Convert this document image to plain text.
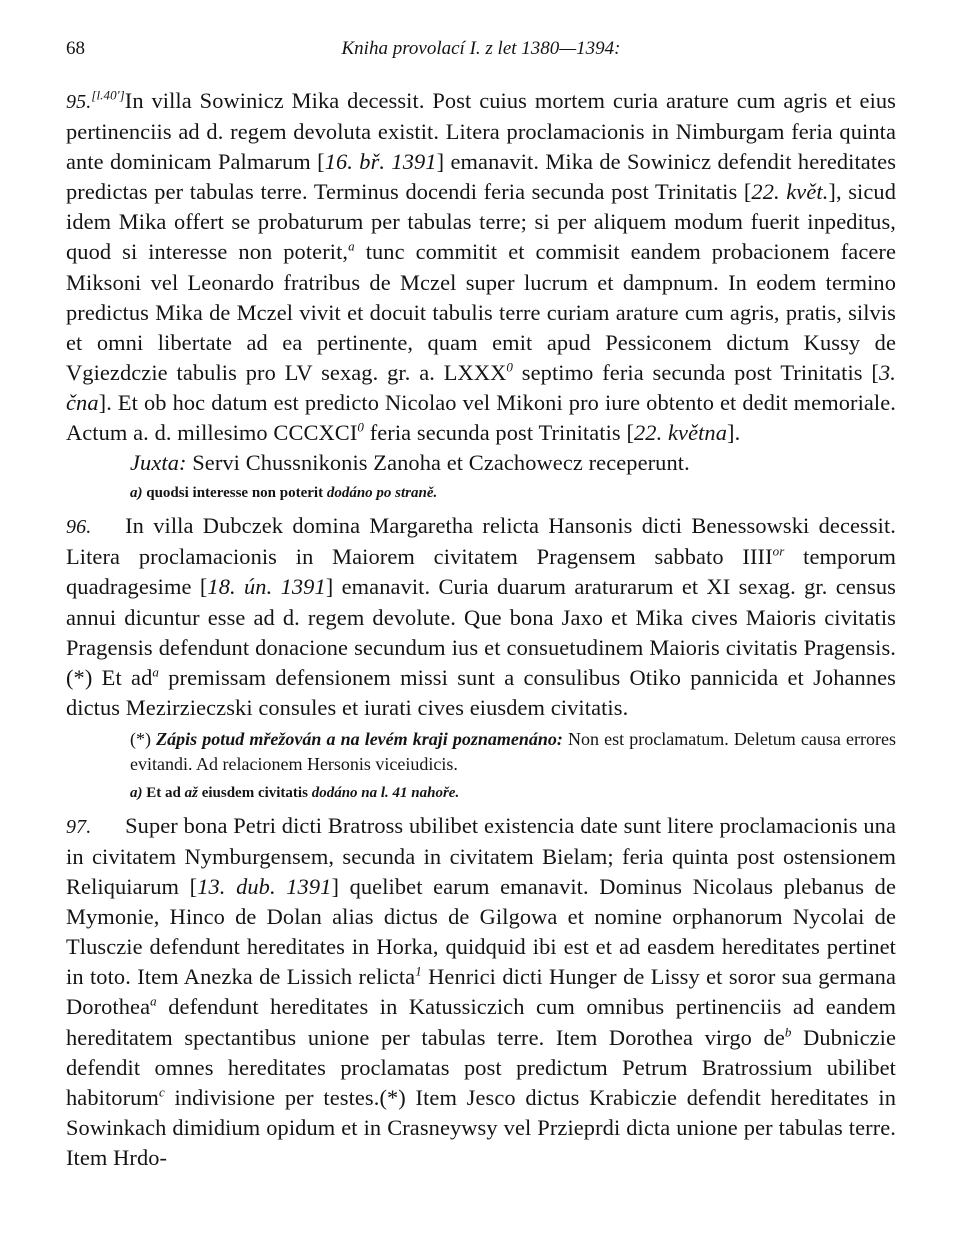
68	Kniha provolací I. z let 1380—1394:

95.[l.40']In villa Sowinicz Mika decessit. Post cuius mortem curia arature cum agris et eius pertinenciis ad d. regem devoluta existit. Litera proclamacionis in Nimburgam feria quinta ante dominicam Palmarum [16. bř. 1391] emanavit. Mika de Sowinicz defendit hereditates predictas per tabulas terre. Terminus docendi feria secunda post Trinitatis [22. květ.], sicud idem Mika offert se probaturum per tabulas terre; si per aliquem modum fuerit inpeditus, quod si interesse non poterit,$^a$ tunc commitit et commisit eandem probacionem facere Miksoni vel Leonardo fratribus de Mczel super lucrum et dampnum. In eodem termino predictus Mika de Mczel vivit et docuit tabulis terre curiam arature cum agris, pratis, silvis et omni libertate ad ea pertinente, quam emit apud Pessiconem dictum Kussy de Vgiezdczie tabulis pro LV sexag. gr. a. LXXX$^0$ septimo feria secunda post Trinitatis [3. čna]. Et ob hoc datum est predicto Nicolao vel Mikoni pro iure obtento et dedit memoriale. Actum a. d. millesimo CCCXCI$^0$ feria secunda post Trinitatis [22. května].

Juxta: Servi Chussnikonis Zanoha et Czachowecz receperunt.

a) quodsi interesse non poterit dodáno po straně.

96.   In villa Dubczek domina Margaretha relicta Hansonis dicti Benessowski decessit. Litera proclamacionis in Maiorem civitatem Pragensem sabbato $IIII^{or}$ temporum quadragesime [18. ún. 1391] emanavit. Curia duarum araturarum et XI sexag. gr. census annui dicuntur esse ad d. regem devolute. Que bona Jaxo et Mika cives Maioris civitatis Pragensis defendunt donacione secundum ius et consuetudinem Maioris civitatis Pragensis.(*) Et $ad^a$ premissam defensionem missi sunt a consulibus Otiko pannicida et Johannes dictus Mezirzieczski consules et iurati cives eiusdem civitatis.

(*) Zápis potud mřežován a na levém kraji poznamenáno: Non est proclamatum. Deletum causa errores evitandi. Ad relacionem Hersonis viceiudicis.

a) Et ad až eiusdem civitatis dodáno na l. 41 nahoře.

97.   Super bona Petri dicti Bratross ubilibet existencia date sunt litere proclamacionis una in civitatem Nymburgensem, secunda in civitatem Bielam; feria quinta post ostensionem Reliquiarum [13. dub. 1391] quelibet earum emanavit. Dominus Nicolaus plebanus de Mymonie, Hinco de Dolan alias dictus de Gilgowa et nomine orphanorum Nycolai de Tlusczie defendunt hereditates in Horka, quidquid ibi est et ad easdem hereditates pertinet in toto. Item Anezka de Lissich relicta$^1$ Henrici dicti Hunger de Lissy et soror sua germana Dorothea$^a$ defendunt hereditates in Katussiczich cum omnibus pertinenciis ad eandem hereditatem spectantibus unione per tabulas terre. Item Dorothea virgo $de^b$ Dubniczie defendit omnes hereditates proclamatas post predictum Petrum Bratrossium ubilibet habitorum$^c$ indivisione per testes.(*) Item Jesco dictus Krabiczie defendit hereditates in Sowinkach dimidium opidum et in Crasneywsy vel Przieprdi dicta unione per tabulas terre. Item Hrdo-
